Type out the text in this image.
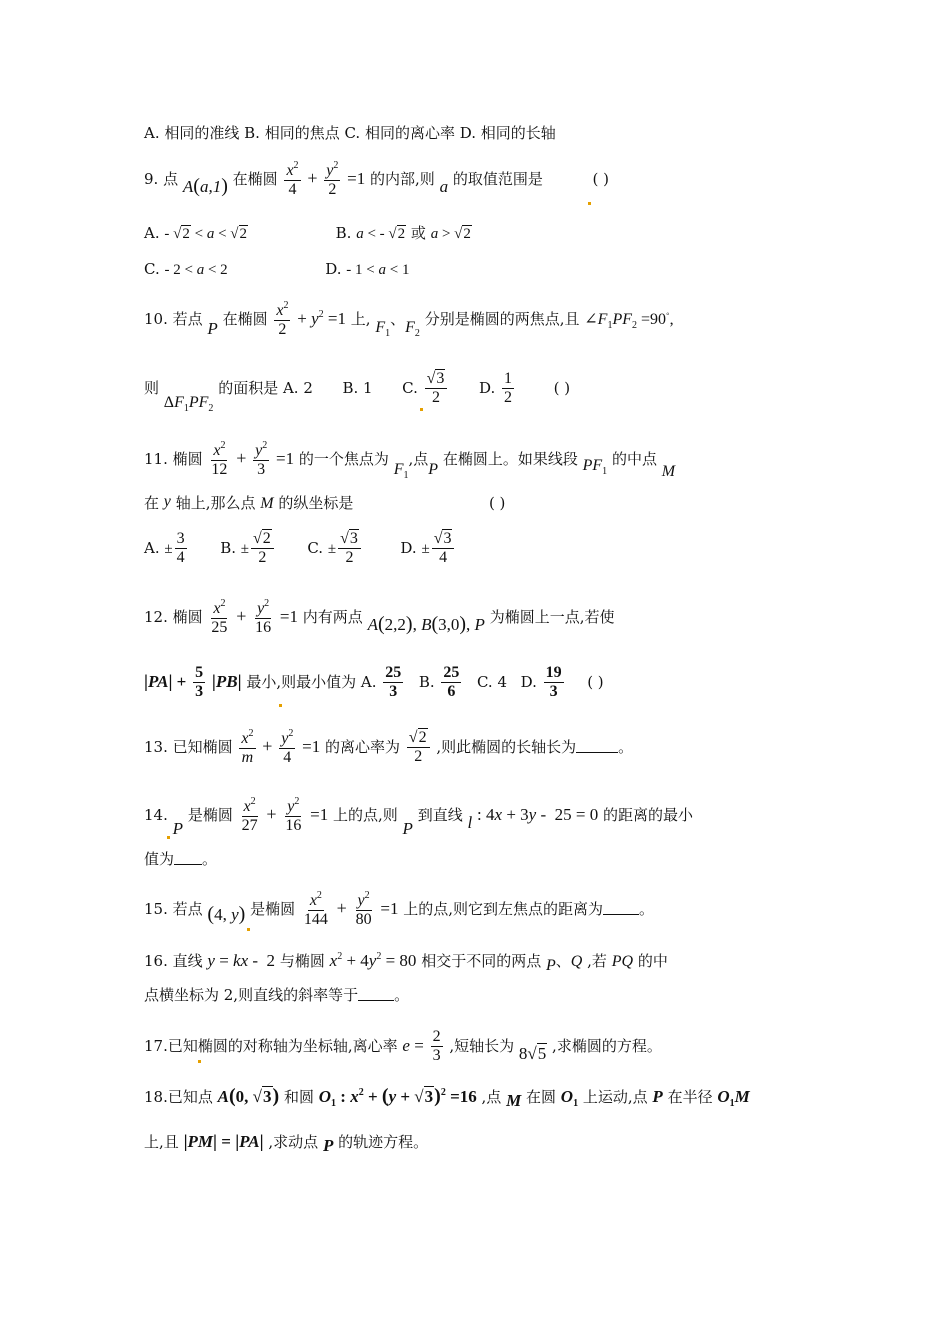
A. 相同的准线 B. 相同的焦点 C. 相同的离心率 D. 相同的长轴
9. 点 A(a,1) 在椭圆 $\frac{x^2}{4} + \frac{y^2}{2} =1$ 的内部,则 a 的取值范围是	( )
A. - √2 < a < √2	B. a < - √2 或 a > √2
C. - 2 < a < 2	D. - 1 < a < 1
10. 若点 P 在椭圆 $\frac{x^2}{2} + y^2 =1$ 上, $F_1$、$F_2$ 分别是椭圆的两焦点,且 $\angle F_1PF_2 =90^◦$,
则 $\Delta F_1PF_2$ 的面积是 A. 2 B. 1 C. $\frac{√3}{2} D$. $\frac{1}{2}$	( )
11. 椭圆 $\frac{x^2}{12} + \frac{y^2}{3} =1$ 的一个焦点为 $F_1$,点P 在椭圆上。如果线段 $PF_1$ 的中点 M
在 y 轴上,那么点 M 的纵坐标是	( )
A. ± $\frac{3}{4} B$. ± $\frac{√2}{2} C$. ± $\frac{√3}{2}$	D. ± $\frac{√3}{4}$
12. 椭圆 $\frac{x^2}{25} + \frac{y^2}{16} =1$ 内有两点 A(2,2), B(3,0), P 为椭圆上一点,若使
$|PA| + \frac{5}{3} |PB|$ 最小,则最小值为 A. $\frac{25}{3} B$. $\frac{25}{6} C$. 4 D. $\frac{19}{3}$ ( )
13. 已知椭圆 $\frac{x^2}{m} + \frac{y^2}{4} =1$ 的离心率为 $\frac{√2}{2}$ ,则此椭圆的长轴长为	。
14. P 是椭圆 $\frac{x^2}{27} + \frac{y^2}{16} =1$ 上的点,则 P 到直线 l : 4x + 3y -  25 = 0 的距离的最小
值为 。
15. 若点 (4, y) 是椭圆 $\frac{x^2}{144} + \frac{y^2}{80} =1$ 上的点,则它到左焦点的距离为 。
16. 直线 y = kx -  2 与椭圆 $x^2 + 4y^2 = 80$ 相交于不同的两点 P、Q ,若 PQ 的中
点横坐标为 2,则直线的斜率等于 。
17.已知椭圆的对称轴为坐标轴,离心率 $e = \frac{2}{3}$ ,短轴长为 8√5 ,求椭圆的方程。
18.已知点 A(0, √3) 和圆 $O_1$ : $x^2 + (y + √3)^2 =16$ ,点 M 在圆 $O_1$ 上运动,点 P 在半径 $O_1M$
上,且 |PM| = |PA| ,求动点 P 的轨迹方程。
